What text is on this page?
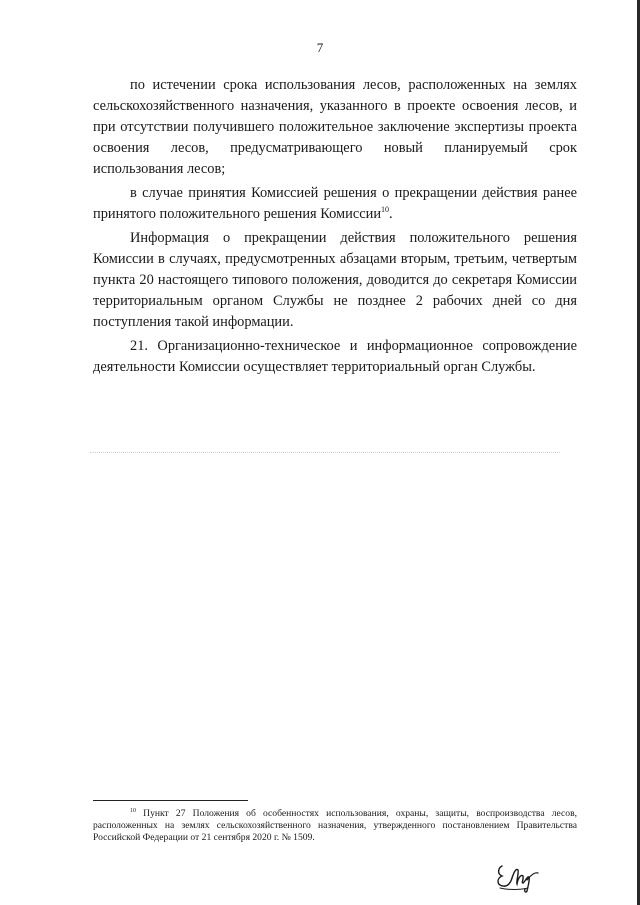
7

по истечении срока использования лесов, расположенных на землях сельскохозяйственного назначения, указанного в проекте освоения лесов, и при отсутствии получившего положительное заключение экспертизы проекта освоения лесов, предусматривающего новый планируемый срок использования лесов;

в случае принятия Комиссией решения о прекращении действия ранее принятого положительного решения Комиссии$^{10}$.

Информация о прекращении действия положительного решения Комиссии в случаях, предусмотренных абзацами вторым, третьим, четвертым пункта 20 настоящего типового положения, доводится до секретаря Комиссии территориальным органом Службы не позднее 2 рабочих дней со дня поступления такой информации.

21. Организационно-техническое и информационное сопровождение деятельности Комиссии осуществляет территориальный орган Службы.

$^{10}$ Пункт 27 Положения об особенностях использования, охраны, защиты, воспроизводства лесов, расположенных на землях сельскохозяйственного назначения, утвержденного постановлением Правительства Российской Федерации от 21 сентября 2020 г. № 1509.
